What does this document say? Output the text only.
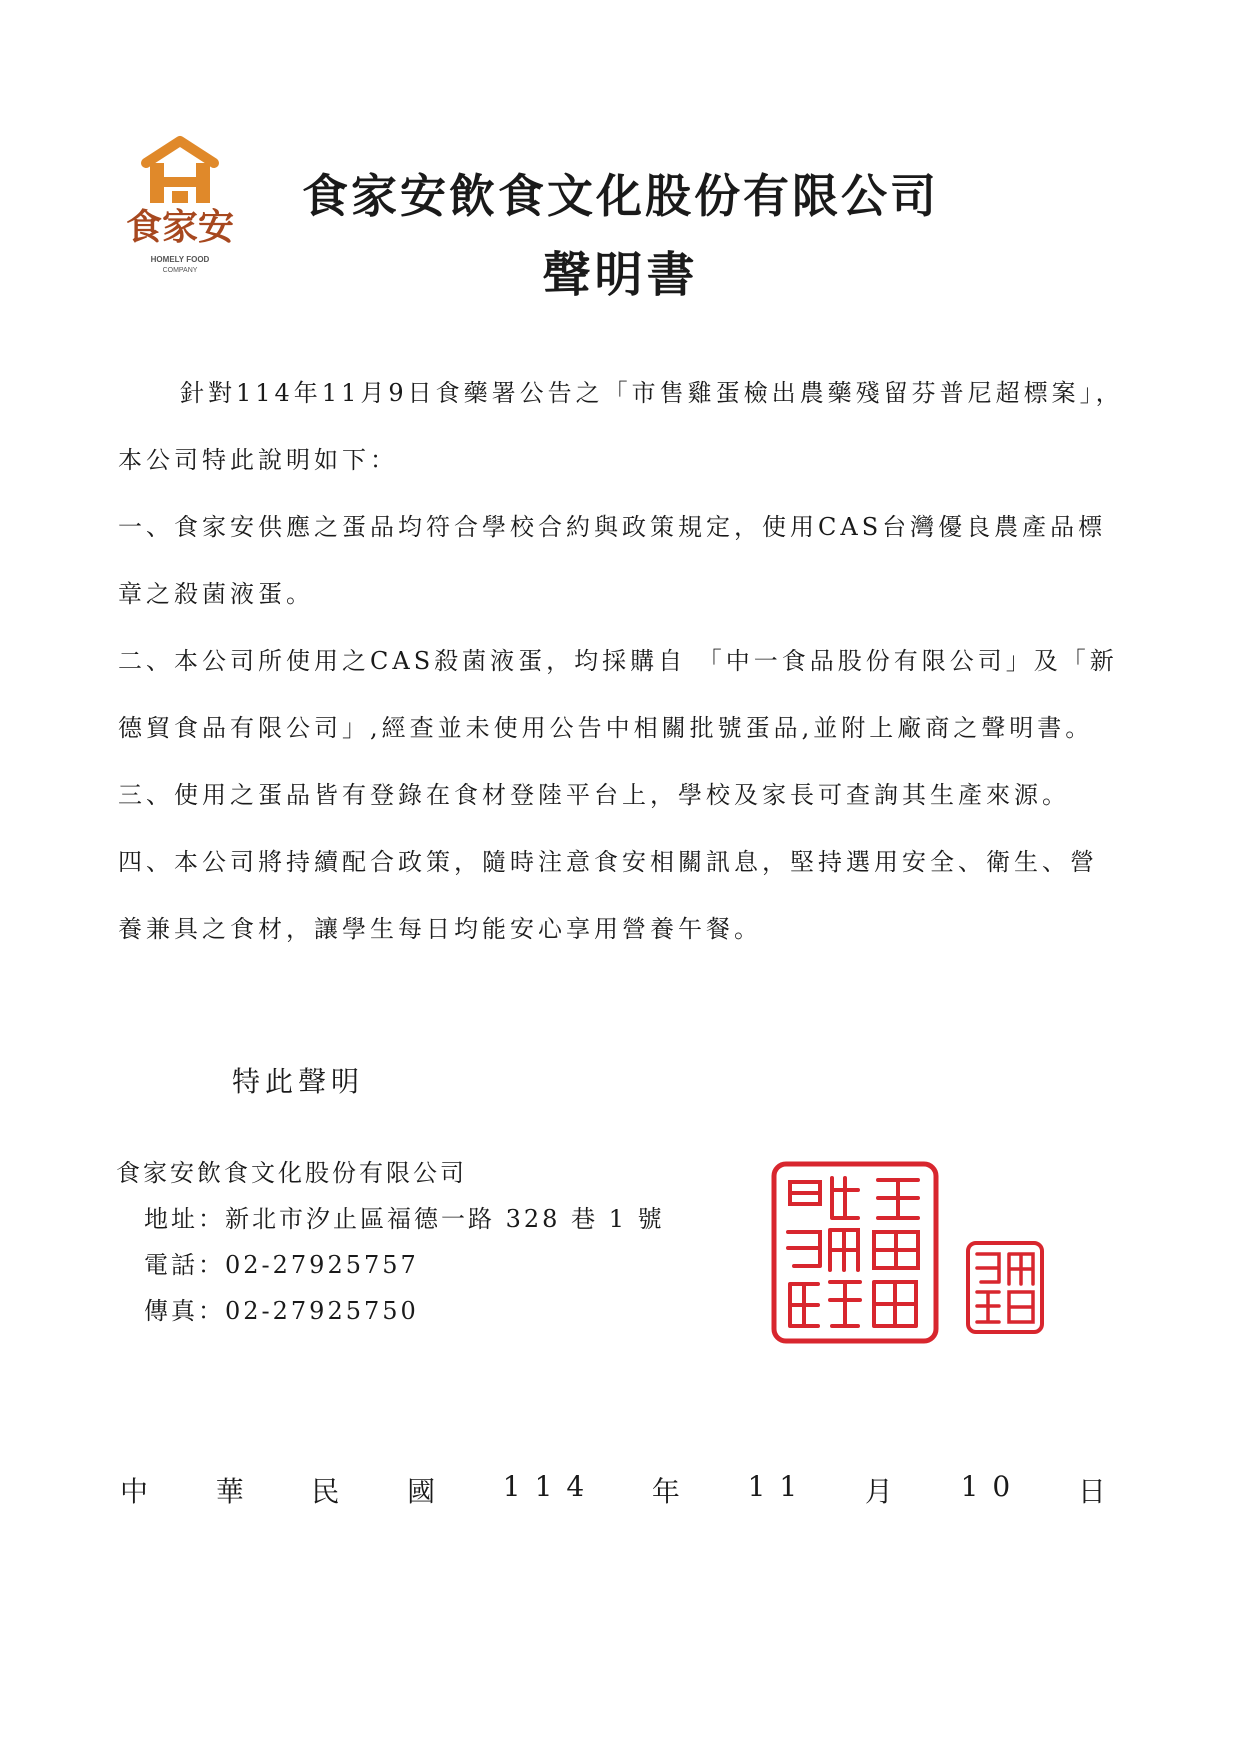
食家安
HOMELY FOOD
COMPANY
食家安飲食文化股份有限公司
聲明書

針對114年11月9日食藥署公告之「市售雞蛋檢出農藥殘留芬普尼超標案」，

本公司特此說明如下：

一、食家安供應之蛋品均符合學校合約與政策規定，使用CAS台灣優良農產品標

章之殺菌液蛋。

二、本公司所使用之CAS殺菌液蛋，均採購自 「中一食品股份有限公司」及「新

德貿食品有限公司」,經查並未使用公告中相關批號蛋品,並附上廠商之聲明書。

三、使用之蛋品皆有登錄在食材登陸平台上，學校及家長可查詢其生產來源。

四、本公司將持續配合政策，隨時注意食安相關訊息，堅持選用安全、衛生、營

養兼具之食材，讓學生每日均能安心享用營養午餐。

特此聲明
食家安飲食文化股份有限公司
地址：新北市汐止區福德一路 328 巷 1 號
電話：02-27925757
傳真：02-27925750
中 華 民 國 114 年 11 月 10 日
